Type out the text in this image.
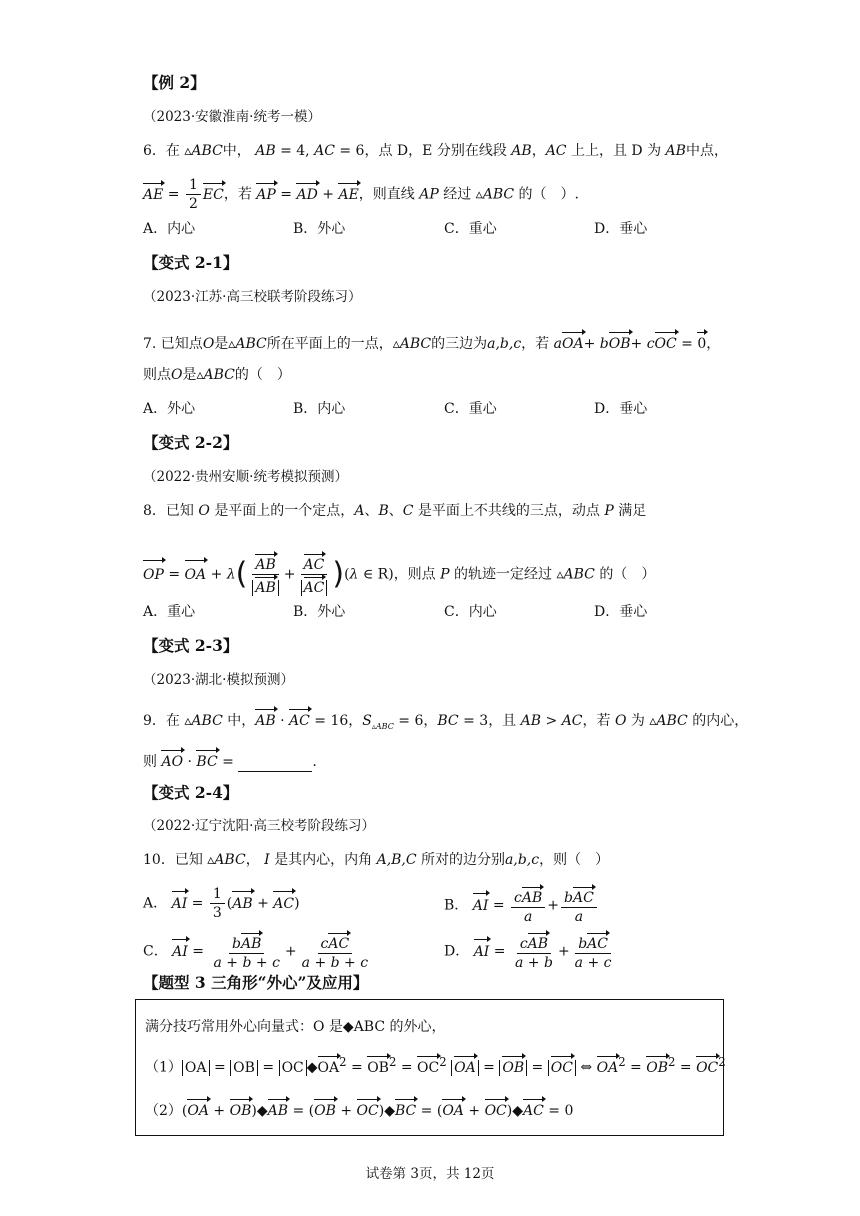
【例 2】
（2023·安徽淮南·统考一模）
6．在 ▵ABC中， AB = 4, AC = 6，点 D，E 分别在线段 AB，AC 上上，且 D 为 AB中点，
AE = $\frac{1}{2}$ EC，若 AP = AD + AE，则直线 AP 经过 ▵ABC 的（　）.
A．内心	B．外心	C．重心	D．垂心
【变式 2-1】
（2023·江苏·高三校联考阶段练习）
7. 已知点O是▵ABC所在平面上的一点，▵ABC的三边为a,b,c，若 aOA+ bOB+ cOC = 0，
则点O是▵ABC的（　）
A．外心	B．内心	C．重心	D．垂心
【变式 2-2】
（2022·贵州安顺·统考模拟预测）
8．已知 O 是平面上的一个定点，A、B、C 是平面上不共线的三点，动点 P 满足
OP = OA + $\lambda( \frac{AB}{AB} + \frac{AC}{AC} )(\lambda$ ∈ R)，则点 P 的轨迹一定经过 ▵ABC 的（　）
A．重心	B．外心	C．内心	D．垂心
【变式 2-3】
（2023·湖北·模拟预测）
9．在 ▵ABC 中，AB · AC = 16，$S_{▵ABC} = 6$，BC = 3，且 AB > AC，若 O 为 ▵ABC 的内心，
则 AO · BC =	.
【变式 2-4】
（2022·辽宁沈阳·高三校考阶段练习）
10．已知 ▵ABC， I 是其内心，内角 A,B,C 所对的边分别a,b,c，则（　）
A． AI = $\frac{1}{3} (AB + AC)$	B． AI = $\frac{\text{cAB}}{a} + \frac{\text{bAC}}{a}$
C． AI = $\frac{\text{bAB}}{a + b + c} + \frac{\text{cAC}}{a + b + c}$	D． AI = $\frac{\text{cAB}}{a + b} + \frac{\text{bAC}}{a + c}$
【题型 3 三角形“外心”及应用】
满分技巧常用外心向量式：O 是◆ABC 的外心，
（1） OA = OB = OC $◆OA^2 = OB^2 = OC^2$ OA = OB = OC ⇔ $OA^2 = OB^2 = OC^2$
（2）(OA + OB)◆AB = (OB + OC)◆BC = (OA + OC)◆AC = 0
试卷第 3页，共 12页
